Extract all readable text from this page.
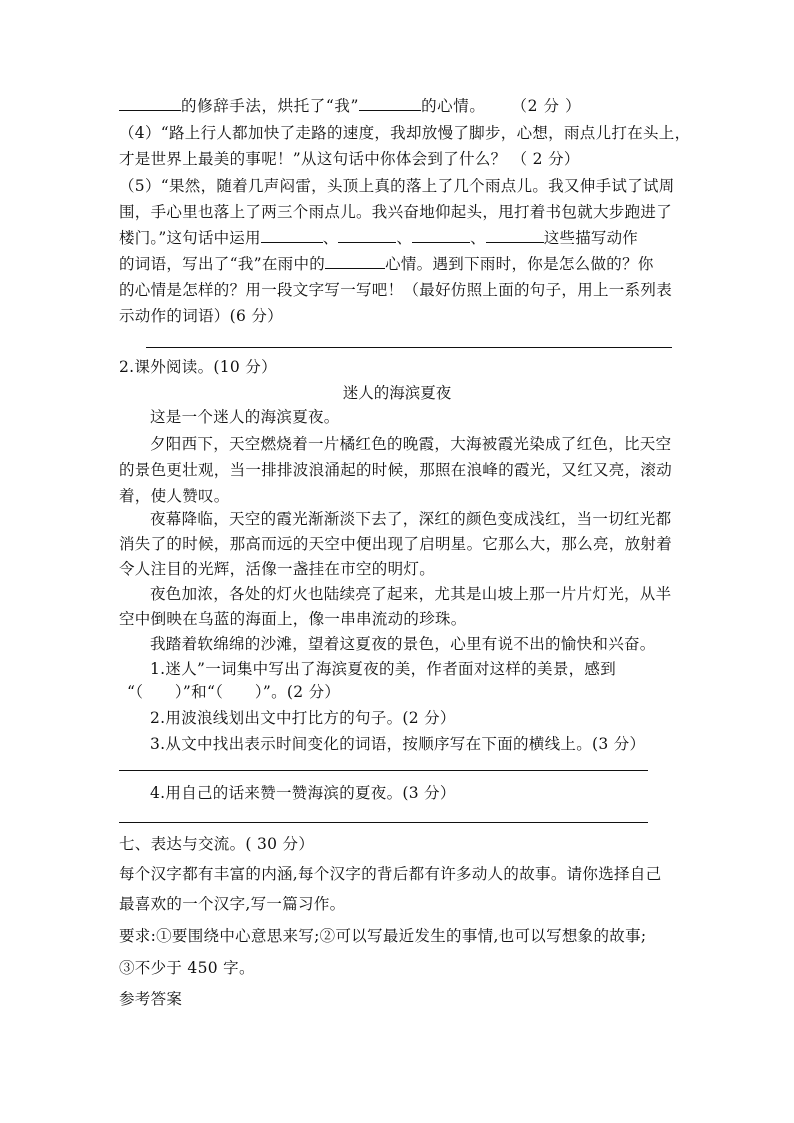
的修辞手法，烘托了“我”	的心情。 （2 分 ）
（4）“路上行人都加快了走路的速度，我却放慢了脚步，心想，雨点儿打在头上，
才是世界上最美的事呢！”从这句话中你体会到了什么？ （ 2 分）
（5）“果然，随着几声闷雷，头顶上真的落上了几个雨点儿。我又伸手试了试周
围，手心里也落上了两三个雨点儿。我兴奋地仰起头，甩打着书包就大步跑进了
楼门。”这句话中运用	、	、	、	这些描写动作
的词语，写出了“我”在雨中的	心情。遇到下雨时，你是怎么做的？你
的心情是怎样的？用一段文字写一写吧！（最好仿照上面的句子，用上一系列表
示动作的词语）(6 分）
2.课外阅读。(10 分）
迷人的海滨夏夜
这是一个迷人的海滨夏夜。
夕阳西下，天空燃烧着一片橘红色的晚霞，大海被霞光染成了红色，比天空
的景色更壮观，当一排排波浪涌起的时候，那照在浪峰的霞光，又红又亮，滚动
着，使人赞叹。
夜幕降临，天空的霞光渐渐淡下去了，深红的颜色变成浅红，当一切红光都
消失了的时候，那高而远的天空中便出现了启明星。它那么大，那么亮，放射着
令人注目的光辉，活像一盏挂在市空的明灯。
夜色加浓，各处的灯火也陆续亮了起来，尤其是山坡上那一片片灯光，从半
空中倒映在乌蓝的海面上，像一串串流动的珍珠。
我踏着软绵绵的沙滩，望着这夏夜的景色，心里有说不出的愉快和兴奋。
1.迷人”一词集中写出了海滨夏夜的美，作者面对这样的美景，感到
“（　　）”和“（　　）”。(2 分）
2.用波浪线划出文中打比方的句子。(2 分）
3.从文中找出表示时间变化的词语，按顺序写在下面的横线上。(3 分）
4.用自己的话来赞一赞海滨的夏夜。(3 分）
七、表达与交流。( 30 分）
每个汉字都有丰富的内涵,每个汉字的背后都有许多动人的故事。请你选择自己
最喜欢的一个汉字,写一篇习作。
要求:①要围绕中心意思来写;②可以写最近发生的事情,也可以写想象的故事;
③不少于 450 字。
参考答案
